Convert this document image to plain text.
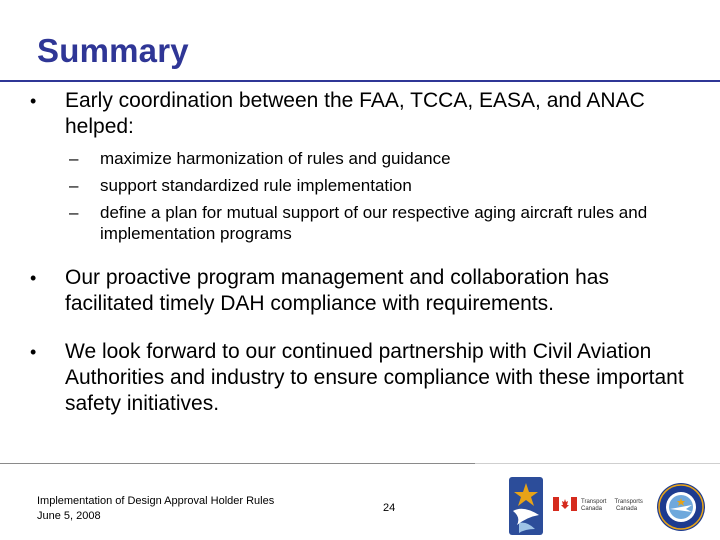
Summary
•	Early coordination between the FAA, TCCA, EASA, and ANAC helped:
– maximize harmonization of rules and guidance
– support standardized rule implementation
– define a plan for mutual support of our respective aging aircraft rules and implementation programs
•	Our proactive program management and collaboration has facilitated timely DAH compliance with requirements.
•	We look forward to our continued partnership with Civil Aviation Authorities and industry to ensure compliance with these important safety initiatives.
Implementation of Design Approval Holder Rules
June 5, 2008
24	Transport Transports
Canada Canada
